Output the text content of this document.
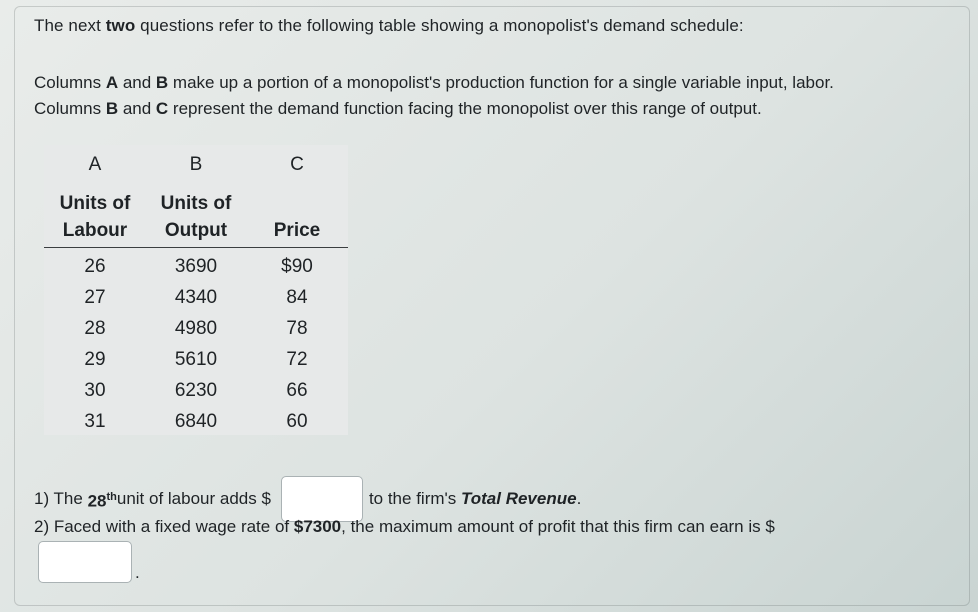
The next two questions refer to the following table showing a monopolist's demand schedule:

Columns A and B make up a portion of a monopolist's production function for a single variable input, labor.

Columns B and C represent the demand function facing the monopolist over this range of output.

A	B	C
Units of	Units of	
Labour	Output	Price
26	3690	$90
27	4340	84
28	4980	78
29	5610	72
30	6230	66
31	6840	60
1) The
28th unit of labour adds $	to the firm's
Total Revenue .
2) Faced with a fixed wage rate of $7300, the maximum amount of profit that this firm can earn is $
.
